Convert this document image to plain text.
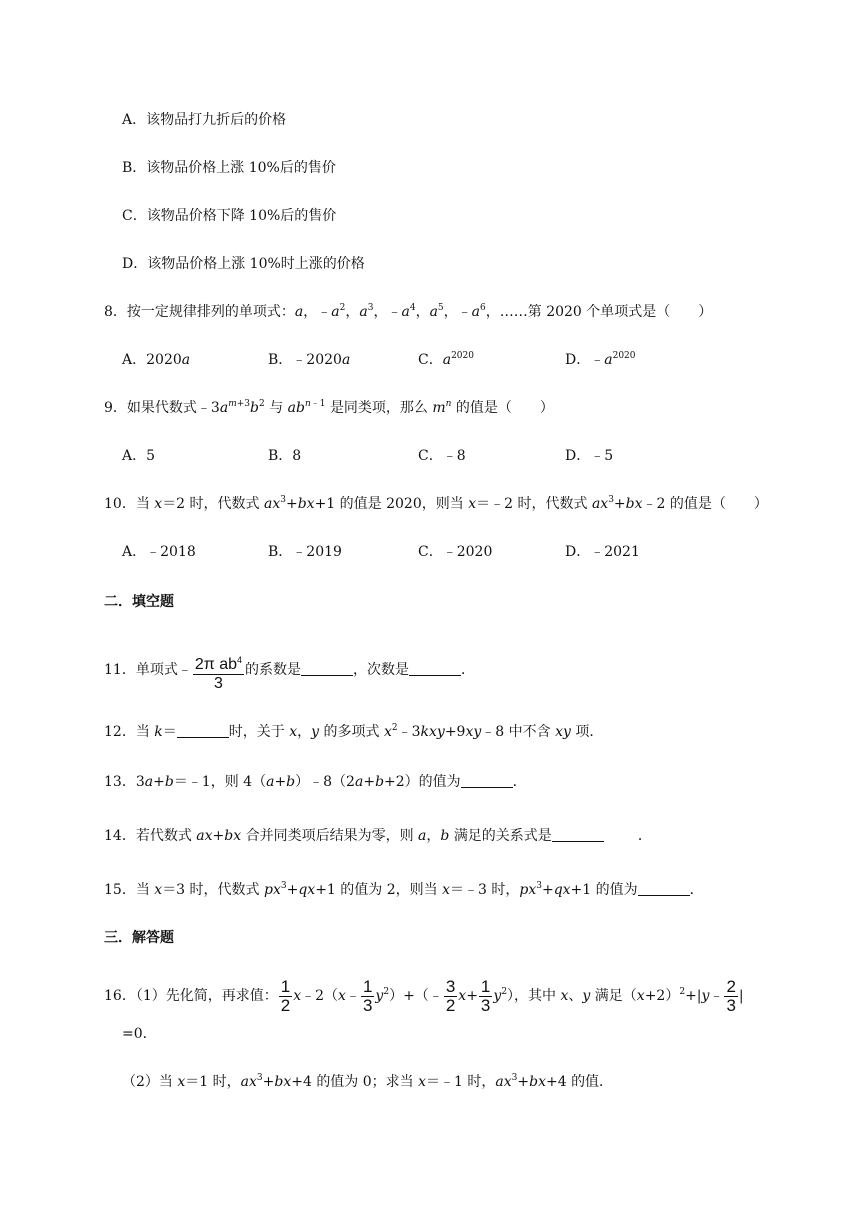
A．该物品打九折后的价格
B．该物品价格上涨 10%后的售价
C．该物品价格下降 10%后的售价
D．该物品价格上涨 10%时上涨的价格
8．按一定规律排列的单项式：a，$﹣a^2$，$a^3$，$﹣a^4$，$a^5$，$﹣a^6$，……第 2020 个单项式是（　　）
A．2020a	B．﹣2020a	C．$a^{2020}$	D．$﹣a^{2020}$
9．如果代数式$﹣3a^{m+3}b^2$ 与 $ab^{n﹣1}$ 是同类项，那么 $m^n$ 的值是（　　）
A．5	B．8	C．﹣8	D．﹣5
10．当 x＝2 时，代数式 $ax^3+bx+1$ 的值是 2020，则当 x＝﹣2 时，代数式 $ax^3+bx﹣2$ 的值是（　　）
A．﹣2018	B．﹣2019	C．﹣2020	D．﹣2021
二．填空题
11．单项式﹣ $\frac{2\pi ab^4}{3}$ 的系数是	，次数是	．
12．当 k＝	时，关于 x，y 的多项式 $x^2﹣3kxy+9xy﹣8$ 中不含 xy 项．
13．3a+b＝﹣1，则 4（a+b）﹣8（2a+b+2）的值为	．
14．若代数式 ax+bx 合并同类项后结果为零，则 a，b 满足的关系式是	．
15．当 x＝3 时，代数式 $px^3+qx+1$ 的值为 2，则当 x＝﹣3 时，$px^3+qx+1$ 的值为	．
三．解答题
16．（1）先化简，再求值： $\frac{1}{2}$ x﹣2（x﹣ $\frac{1}{3}$ $y^2)+(﹣ \frac{3}{2} x+ \frac{1}{3} y^2)$，其中 x、y 满足$(x+2)^2+|y﹣ \frac{2}{3}$ |
=0．
（2）当 x＝1 时，$ax^3+bx+4$ 的值为 0；求当 x＝﹣1 时，$ax^3+bx+4$ 的值．
